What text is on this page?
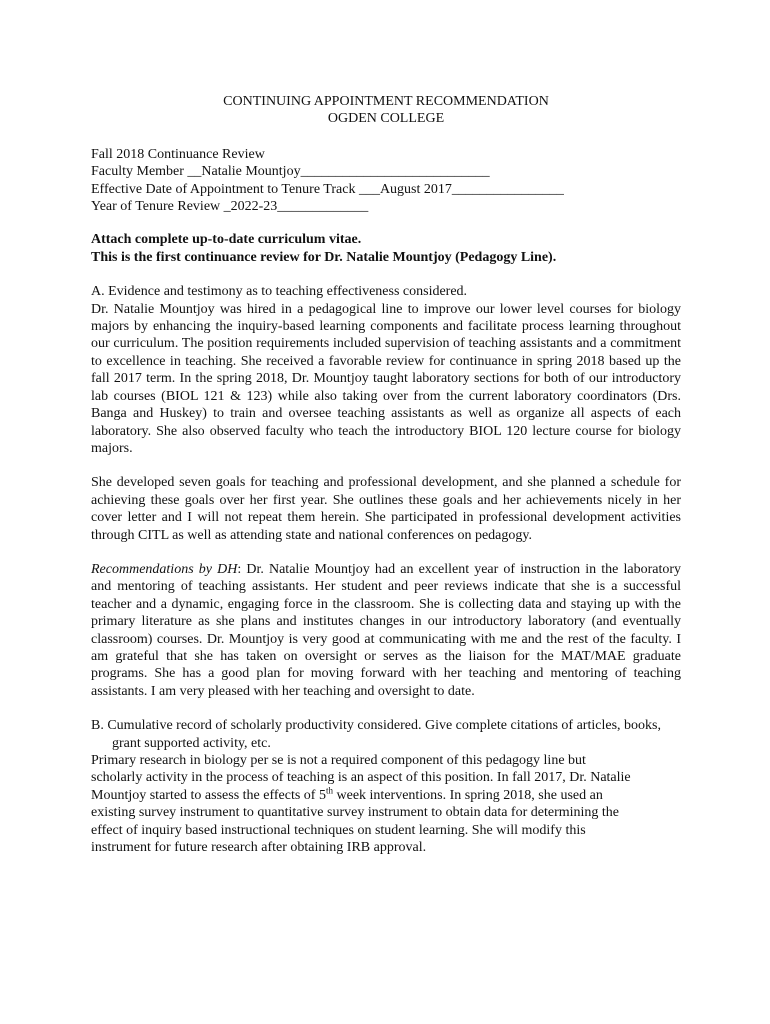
CONTINUING APPOINTMENT RECOMMENDATION

OGDEN COLLEGE

Fall 2018 Continuance Review

Faculty Member __Natalie Mountjoy___________________________

Effective Date of Appointment to Tenure Track ___August 2017________________

Year of Tenure Review _2022-23_____________

Attach complete up-to-date curriculum vitae.

This is the first continuance review for Dr. Natalie Mountjoy (Pedagogy Line).

A. Evidence and testimony as to teaching effectiveness considered.

Dr. Natalie Mountjoy was hired in a pedagogical line to improve our lower level courses for biology majors by enhancing the inquiry-based learning components and facilitate process learning throughout our curriculum. The position requirements included supervision of teaching assistants and a commitment to excellence in teaching. She received a favorable review for continuance in spring 2018 based up the fall 2017 term. In the spring 2018, Dr. Mountjoy taught laboratory sections for both of our introductory lab courses (BIOL 121 & 123) while also taking over from the current laboratory coordinators (Drs. Banga and Huskey) to train and oversee teaching assistants as well as organize all aspects of each laboratory. She also observed faculty who teach the introductory BIOL 120 lecture course for biology majors.

She developed seven goals for teaching and professional development, and she planned a schedule for achieving these goals over her first year. She outlines these goals and her achievements nicely in her cover letter and I will not repeat them herein. She participated in professional development activities through CITL as well as attending state and national conferences on pedagogy.

Recommendations by DH: Dr. Natalie Mountjoy had an excellent year of instruction in the laboratory and mentoring of teaching assistants. Her student and peer reviews indicate that she is a successful teacher and a dynamic, engaging force in the classroom. She is collecting data and staying up with the primary literature as she plans and institutes changes in our introductory laboratory (and eventually classroom) courses. Dr. Mountjoy is very good at communicating with me and the rest of the faculty. I am grateful that she has taken on oversight or serves as the liaison for the MAT/MAE graduate programs. She has a good plan for moving forward with her teaching and mentoring of teaching assistants. I am very pleased with her teaching and oversight to date.

B. Cumulative record of scholarly productivity considered. Give complete citations of articles, books, grant supported activity, etc.

Primary research in biology per se is not a required component of this pedagogy line but

scholarly activity in the process of teaching is an aspect of this position. In fall 2017, Dr. Natalie

Mountjoy started to assess the effects of 5th week interventions. In spring 2018, she used an

existing survey instrument to quantitative survey instrument to obtain data for determining the

effect of inquiry based instructional techniques on student learning. She will modify this

instrument for future research after obtaining IRB approval.
